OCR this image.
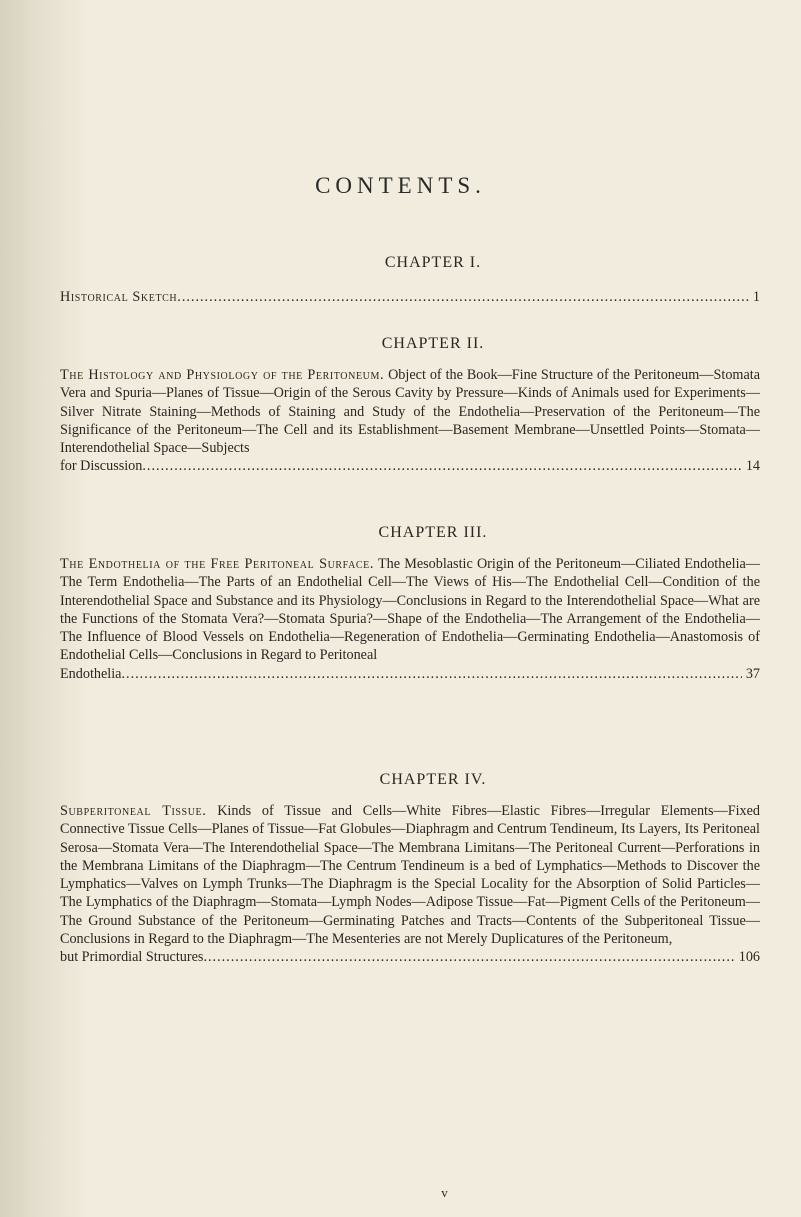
CONTENTS.
CHAPTER I.
Historical Sketch .....	1
CHAPTER II.

The Histology and Physiology of the Peritoneum. Object of the Book—Fine Structure of the Peritoneum—Stomata Vera and Spuria—Planes of Tissue—Origin of the Serous Cavity by Pressure—Kinds of Animals used for Experiments—Silver Nitrate Staining—Methods of Staining and Study of the Endothelia—Preservation of the Peritoneum—The Significance of the Peritoneum—The Cell and its Establishment—Basement Membrane—Unsettled Points—Stomata—Interendothelial Space—Subjects

for Discussion .....	14
CHAPTER III.

The Endothelia of the Free Peritoneal Surface. The Mesoblastic Origin of the Peritoneum—Ciliated Endothelia—The Term Endothelia—The Parts of an Endothelial Cell—The Views of His—The Endothelial Cell—Condition of the Interendothelial Space and Substance and its Physiology—Conclusions in Regard to the Interendothelial Space—What are the Functions of the Stomata Vera?—Stomata Spuria?—Shape of the Endothelia—The Arrangement of the Endothelia—The Influence of Blood Vessels on Endothelia—Regeneration of Endothelia—Germinating Endothelia—Anastomosis of Endothelial Cells—Conclusions in Regard to Peritoneal

Endothelia .....	37
CHAPTER IV.

Subperitoneal Tissue. Kinds of Tissue and Cells—White Fibres—Elastic Fibres—Irregular Elements—Fixed Connective Tissue Cells—Planes of Tissue—Fat Globules—Diaphragm and Centrum Tendineum, Its Layers, Its Peritoneal Serosa—Stomata Vera—The Interendothelial Space—The Membrana Limitans—The Peritoneal Current—Perforations in the Membrana Limitans of the Diaphragm—The Centrum Tendineum is a bed of Lymphatics—Methods to Discover the Lymphatics—Valves on Lymph Trunks—The Diaphragm is the Special Locality for the Absorption of Solid Particles—The Lymphatics of the Diaphragm—Stomata—Lymph Nodes—Adipose Tissue—Fat—Pigment Cells of the Peritoneum—The Ground Substance of the Peritoneum—Germinating Patches and Tracts—Contents of the Subperitoneal Tissue—Conclusions in Regard to the Diaphragm—The Mesenteries are not Merely Duplicatures of the Peritoneum,

but Primordial Structures .....	106
v
